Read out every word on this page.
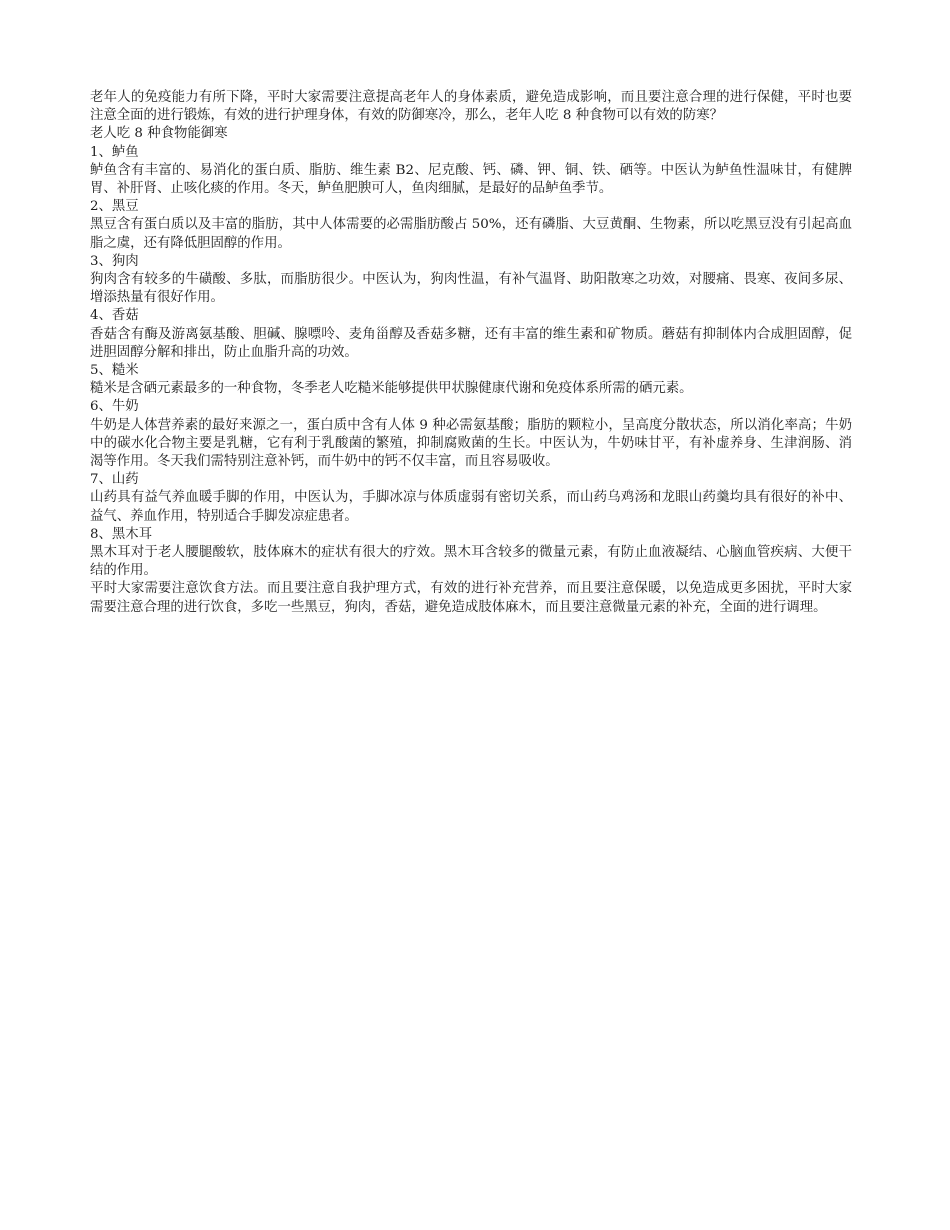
老年人的免疫能力有所下降，平时大家需要注意提高老年人的身体素质，避免造成影响，而且要注意合理的进行保健，平时也要注意全面的进行锻炼，有效的进行护理身体，有效的防御寒冷，那么，老年人吃 8 种食物可以有效的防寒？

老人吃 8 种食物能御寒

1、鲈鱼

鲈鱼含有丰富的、易消化的蛋白质、脂肪、维生素 B2、尼克酸、钙、磷、钾、铜、铁、硒等。中医认为鲈鱼性温味甘，有健脾胃、补肝肾、止咳化痰的作用。冬天，鲈鱼肥腴可人，鱼肉细腻，是最好的品鲈鱼季节。

2、黑豆

黑豆含有蛋白质以及丰富的脂肪，其中人体需要的必需脂肪酸占 50%，还有磷脂、大豆黄酮、生物素，所以吃黑豆没有引起高血脂之虞，还有降低胆固醇的作用。

3、狗肉

狗肉含有较多的牛磺酸、多肽，而脂肪很少。中医认为，狗肉性温，有补气温肾、助阳散寒之功效，对腰痛、畏寒、夜间多尿、增添热量有很好作用。

4、香菇

香菇含有酶及游离氨基酸、胆碱、腺嘌呤、麦角甾醇及香菇多糖，还有丰富的维生素和矿物质。蘑菇有抑制体内合成胆固醇，促进胆固醇分解和排出，防止血脂升高的功效。

5、糙米

糙米是含硒元素最多的一种食物，冬季老人吃糙米能够提供甲状腺健康代谢和免疫体系所需的硒元素。

6、牛奶

牛奶是人体营养素的最好来源之一，蛋白质中含有人体 9 种必需氨基酸；脂肪的颗粒小，呈高度分散状态，所以消化率高；牛奶中的碳水化合物主要是乳糖，它有利于乳酸菌的繁殖，抑制腐败菌的生长。中医认为，牛奶味甘平，有补虚养身、生津润肠、消渴等作用。冬天我们需特别注意补钙，而牛奶中的钙不仅丰富，而且容易吸收。

7、山药

山药具有益气养血暖手脚的作用，中医认为，手脚冰凉与体质虚弱有密切关系，而山药乌鸡汤和龙眼山药羹均具有很好的补中、益气、养血作用，特别适合手脚发凉症患者。

8、黑木耳

黑木耳对于老人腰腿酸软，肢体麻木的症状有很大的疗效。黑木耳含较多的微量元素，有防止血液凝结、心脑血管疾病、大便干结的作用。

平时大家需要注意饮食方法。而且要注意自我护理方式，有效的进行补充营养，而且要注意保暖，以免造成更多困扰，平时大家需要注意合理的进行饮食，多吃一些黑豆，狗肉，香菇，避免造成肢体麻木，而且要注意微量元素的补充，全面的进行调理。
